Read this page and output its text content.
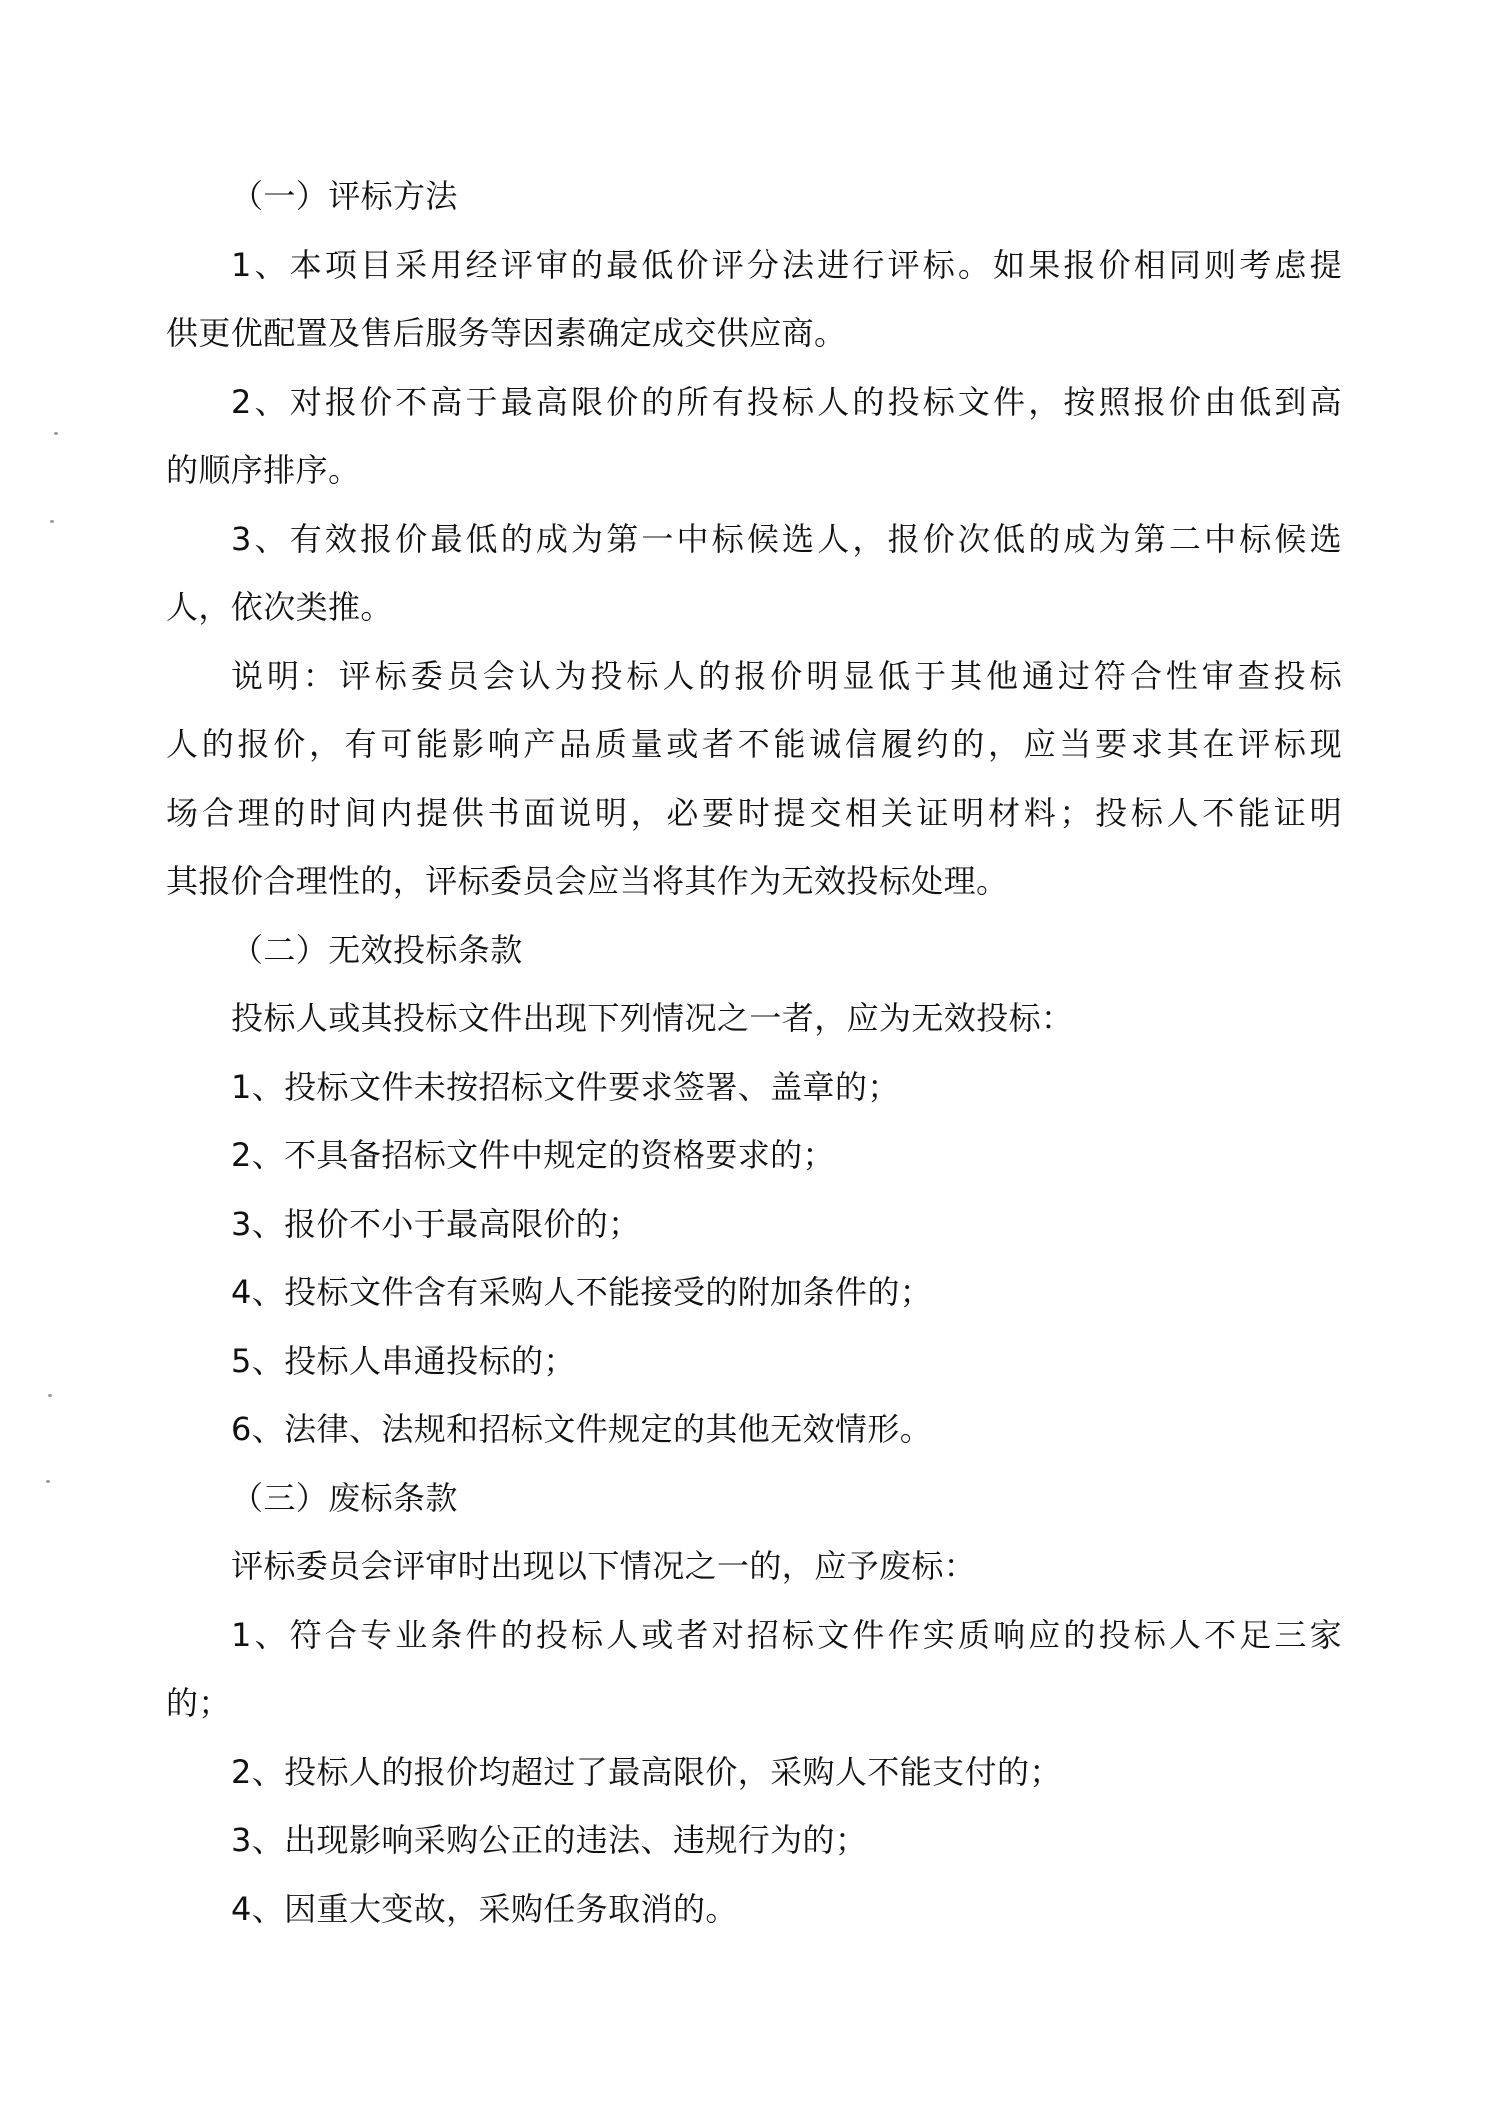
（一）评标方法
1、本项目采用经评审的最低价评分法进行评标。如果报价相同则考虑提
供更优配置及售后服务等因素确定成交供应商。
2、对报价不高于最高限价的所有投标人的投标文件，按照报价由低到高
的顺序排序。
3、有效报价最低的成为第一中标候选人，报价次低的成为第二中标候选
人，依次类推。
说明：评标委员会认为投标人的报价明显低于其他通过符合性审查投标
人的报价，有可能影响产品质量或者不能诚信履约的，应当要求其在评标现
场合理的时间内提供书面说明，必要时提交相关证明材料；投标人不能证明
其报价合理性的，评标委员会应当将其作为无效投标处理。
（二）无效投标条款
投标人或其投标文件出现下列情况之一者，应为无效投标：
1、投标文件未按招标文件要求签署、盖章的；
2、不具备招标文件中规定的资格要求的；
3、报价不小于最高限价的；
4、投标文件含有采购人不能接受的附加条件的；
5、投标人串通投标的；
6、法律、法规和招标文件规定的其他无效情形。
（三）废标条款
评标委员会评审时出现以下情况之一的，应予废标：
1、符合专业条件的投标人或者对招标文件作实质响应的投标人不足三家
的；
2、投标人的报价均超过了最高限价，采购人不能支付的；
3、出现影响采购公正的违法、违规行为的；
4、因重大变故，采购任务取消的。
